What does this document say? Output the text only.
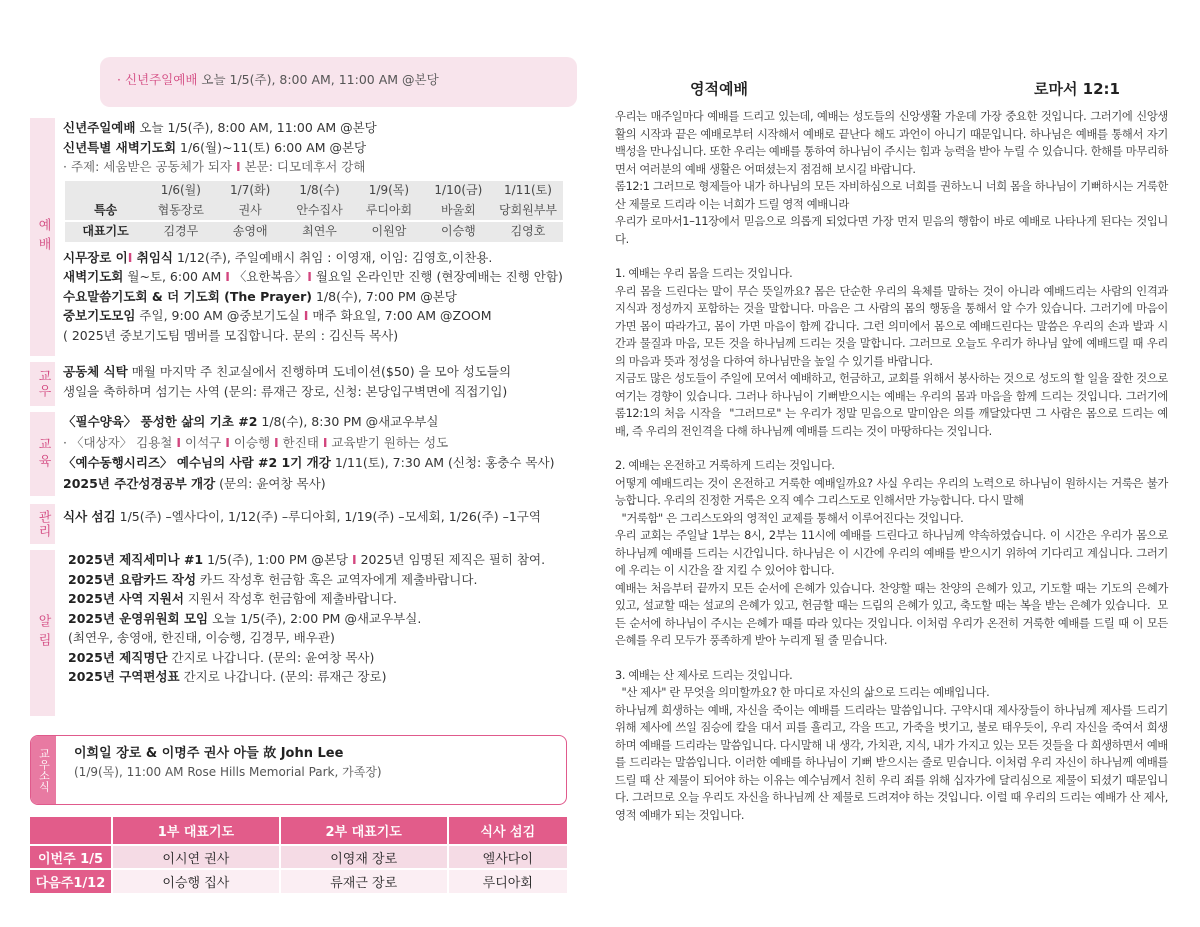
· 신년주일예배 오늘 1/5(주), 8:00 AM, 11:00 AM @본당
예배
신년주일예배 오늘 1/5(주), 8:00 AM, 11:00 AM @본당
신년특별 새벽기도회 1/6(월)~11(토) 6:00 AM @본당
· 주제: 세움받은 공동체가 되자 I 본문: 디모데후서 강해
	1/6(월)	1/7(화)	1/8(수)	1/9(목)	1/10(금)	1/11(토)
특송	협동장로	권사	안수집사	루디아회	바울회	당회원부부
대표기도	김경무	송영애	최연우	이원암	이승행	김영호
시무장로 이I 취임식 1/12(주), 주일예배시 취임 : 이영재, 이임: 김영호,이찬용.
새벽기도회 월~토, 6:00 AM I 〈요한복음〉I 월요일 온라인만 진행 (현장예배는 진행 안함)
수요말씀기도회 & 더 기도회 (The Prayer) 1/8(수), 7:00 PM @본당
중보기도모임 주일, 9:00 AM @중보기도실 I 매주 화요일, 7:00 AM @ZOOM
( 2025년 중보기도팀 멤버를 모집합니다. 문의 : 김신득 목사)
교우	공동체 식탁 매월 마지막 주 친교실에서 진행하며 도네이션($50) 을 모아 성도들의
생일을 축하하며 섬기는 사역 (문의: 류재근 장로, 신청: 본당입구벽면에 직접기입)
교육
〈필수양육〉 풍성한 삶의 기초 #2 1/8(수), 8:30 PM @새교우부실
· 〈대상자〉 김용철 I 이석구 I 이승행 I 한진태 I 교육받기 원하는 성도
〈예수동행시리즈〉 예수님의 사람 #2 1기 개강 1/11(토), 7:30 AM (신청: 홍충수 목사)
2025년 주간성경공부 개강 (문의: 윤여창 목사)
관리	식사 섬김 1/5(주) –엘사다이, 1/12(주) –루디아회, 1/19(주) –모세회, 1/26(주) –1구역
알림
2025년 제직세미나 #1 1/5(주), 1:00 PM @본당 I 2025년 임명된 제직은 필히 참여.
2025년 요람카드 작성 카드 작성후 헌금함 혹은 교역자에게 제출바랍니다.
2025년 사역 지원서 지원서 작성후 헌금함에 제출바랍니다.
2025년 운영위원회 모임 오늘 1/5(주), 2:00 PM @새교우부실.
(최연우, 송영애, 한진태, 이승행, 김경무, 배우관)
2025년 제직명단 간지로 나갑니다. (문의: 윤여창 목사)
2025년 구역편성표 간지로 나갑니다. (문의: 류재근 장로)
교우소식 이희일 장로 & 이명주 권사 아들 故 John Lee
(1/9(목), 11:00 AM Rose Hills Memorial Park, 가족장)
	1부 대표기도	2부 대표기도	식사 섬김
이번주 1/5	이시연 권사	이영재 장로	엘사다이
다음주1/12	이승행 집사	류재근 장로	루디아회
영적예배	로마서 12:1

우리는 매주일마다 예배를 드리고 있는데, 예배는 성도들의 신앙생활 가운데 가장 중요한 것입니다. 그러기에 신앙생활의 시작과 끝은 예배로부터 시작해서 예배로 끝난다 해도 과언이 아니기 때문입니다. 하나님은 예배를 통해서 자기 백성을 만나십니다. 또한 우리는 예배를 통하여 하나님이 주시는 힘과 능력을 받아 누릴 수 있습니다. 한해를 마무리하면서 여러분의 예배 생활은 어떠셨는지 점검해 보시길 바랍니다.
롬12:1 그러므로 형제들아 내가 하나님의 모든 자비하심으로 너희를 권하노니 너희 몸을 하나님이 기뻐하시는 거룩한 산 제물로 드리라 이는 너희가 드릴 영적 예배니라
우리가 로마서1–11장에서 믿음으로 의롭게 되었다면 가장 먼저 믿음의 행함이 바로 예배로 나타나게 된다는 것입니다.

1. 예배는 우리 몸을 드리는 것입니다.
우리 몸을 드린다는 말이 무슨 뜻일까요? 몸은 단순한 우리의 육체를 말하는 것이 아니라 예배드리는 사람의 인격과 지식과 정성까지 포함하는 것을 말합니다. 마음은 그 사람의 몸의 행동을 통해서 알 수가 있습니다. 그러기에 마음이 가면 몸이 따라가고, 몸이 가면 마음이 함께 갑니다. 그런 의미에서 몸으로 예배드린다는 말씀은 우리의 손과 발과 시간과 물질과 마음, 모든 것을 하나님께 드리는 것을 말합니다. 그러므로 오늘도 우리가 하나님 앞에 예배드릴 때 우리의 마음과 뜻과 정성을 다하여 하나님만을 높일 수 있기를 바랍니다.
지금도 많은 성도들이 주일에 모여서 예배하고, 헌금하고, 교회를 위해서 봉사하는 것으로 성도의 할 일을 잘한 것으로 여기는 경향이 있습니다. 그러나 하나님이 기뻐받으시는 예배는 우리의 몸과 마음을 함께 드리는 것입니다. 그러기에 롬12:1의 처음 시작을  "그러므로" 는 우리가 정말 믿음으로 말미암은 의를 깨달았다면 그 사람은 몸으로 드리는 예배, 즉 우리의 전인격을 다해 하나님께 예배를 드리는 것이 마땅하다는 것입니다.

2. 예배는 온전하고 거룩하게 드리는 것입니다.
어떻게 예배드리는 것이 온전하고 거룩한 예배일까요? 사실 우리는 우리의 노력으로 하나님이 원하시는 거룩은 불가능합니다. 우리의 진정한 거룩은 오직 예수 그리스도로 인해서만 가능합니다. 다시 말해
"거룩함" 은 그리스도와의 영적인 교제를 통해서 이루어진다는 것입니다.
우리 교회는 주일날 1부는 8시, 2부는 11시에 예배를 드린다고 하나님께 약속하였습니다. 이 시간은 우리가 몸으로 하나님께 예배를 드리는 시간입니다. 하나님은 이 시간에 우리의 예배를 받으시기 위하여 기다리고 계십니다. 그러기에 우리는 이 시간을 잘 지킬 수 있어야 합니다.
예배는 처음부터 끝까지 모든 순서에 은혜가 있습니다. 찬양할 때는 찬양의 은혜가 있고, 기도할 때는 기도의 은혜가 있고, 설교할 때는 설교의 은혜가 있고, 헌금할 때는 드림의 은혜가 있고, 축도할 때는 복을 받는 은혜가 있습니다.  모든 순서에 하나님이 주시는 은혜가 때를 따라 있다는 것입니다. 이처럼 우리가 온전히 거룩한 예배를 드릴 때 이 모든 은혜를 우리 모두가 풍족하게 받아 누리게 될 줄 믿습니다.

3. 예배는 산 제사로 드리는 것입니다.
"산 제사" 란 무엇을 의미할까요? 한 마디로 자신의 삶으로 드리는 예배입니다.
하나님께 희생하는 예배, 자신을 죽이는 예배를 드리라는 말씀입니다. 구약시대 제사장들이 하나님께 제사를 드리기 위해 제사에 쓰일 짐승에 칼을 대서 피를 흘리고, 각을 뜨고, 가죽을 벗기고, 불로 태우듯이, 우리 자신을 죽여서 희생하며 예배를 드리라는 말씀입니다. 다시말해 내 생각, 가치관, 지식, 내가 가지고 있는 모든 것들을 다 희생하면서 예배를 드리라는 말씀입니다. 이러한 예배를 하나님이 기뻐 받으시는 줄로 믿습니다. 이처럼 우리 자신이 하나님께 예배를 드릴 때 산 제물이 되어야 하는 이유는 예수님께서 친히 우리 죄를 위해 십자가에 달리심으로 제물이 되셨기 때문입니다. 그러므로 오늘 우리도 자신을 하나님께 산 제물로 드려져야 하는 것입니다. 이럴 때 우리의 드리는 예배가 산 제사, 영적 예배가 되는 것입니다.
